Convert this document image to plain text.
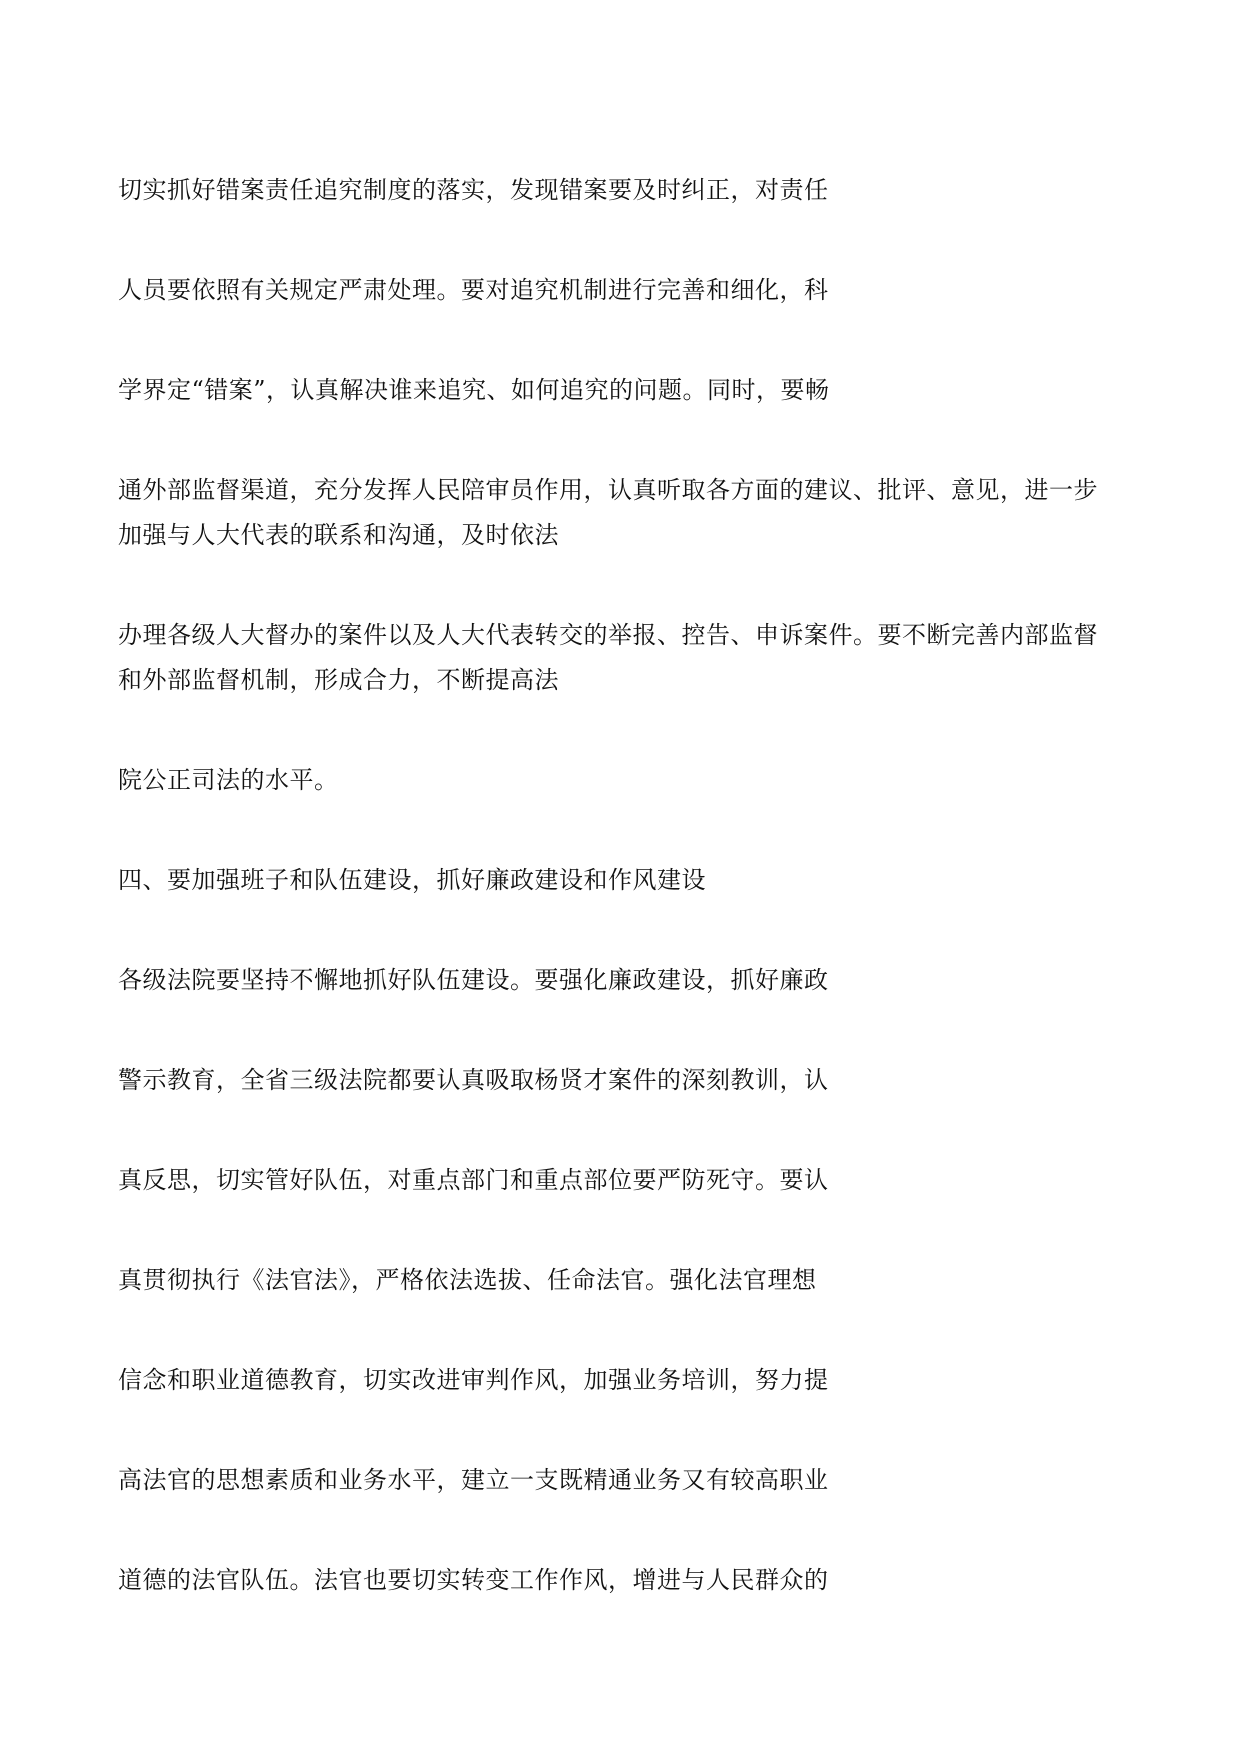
切实抓好错案责任追究制度的落实，发现错案要及时纠正，对责任
人员要依照有关规定严肃处理。要对追究机制进行完善和细化，科
学界定“错案”，认真解决谁来追究、如何追究的问题。同时，要畅
通外部监督渠道，充分发挥人民陪审员作用，认真听取各方面的建议、批评、意见，进一步
加强与人大代表的联系和沟通，及时依法
办理各级人大督办的案件以及人大代表转交的举报、控告、申诉案件。要不断完善内部监督
和外部监督机制，形成合力，不断提高法
院公正司法的水平。
四、要加强班子和队伍建设，抓好廉政建设和作风建设
各级法院要坚持不懈地抓好队伍建设。要强化廉政建设，抓好廉政
警示教育，全省三级法院都要认真吸取杨贤才案件的深刻教训，认
真反思，切实管好队伍，对重点部门和重点部位要严防死守。要认
真贯彻执行《法官法》，严格依法选拔、任命法官。强化法官理想
信念和职业道德教育，切实改进审判作风，加强业务培训，努力提
高法官的思想素质和业务水平，建立一支既精通业务又有较高职业
道德的法官队伍。法官也要切实转变工作作风，增进与人民群众的
